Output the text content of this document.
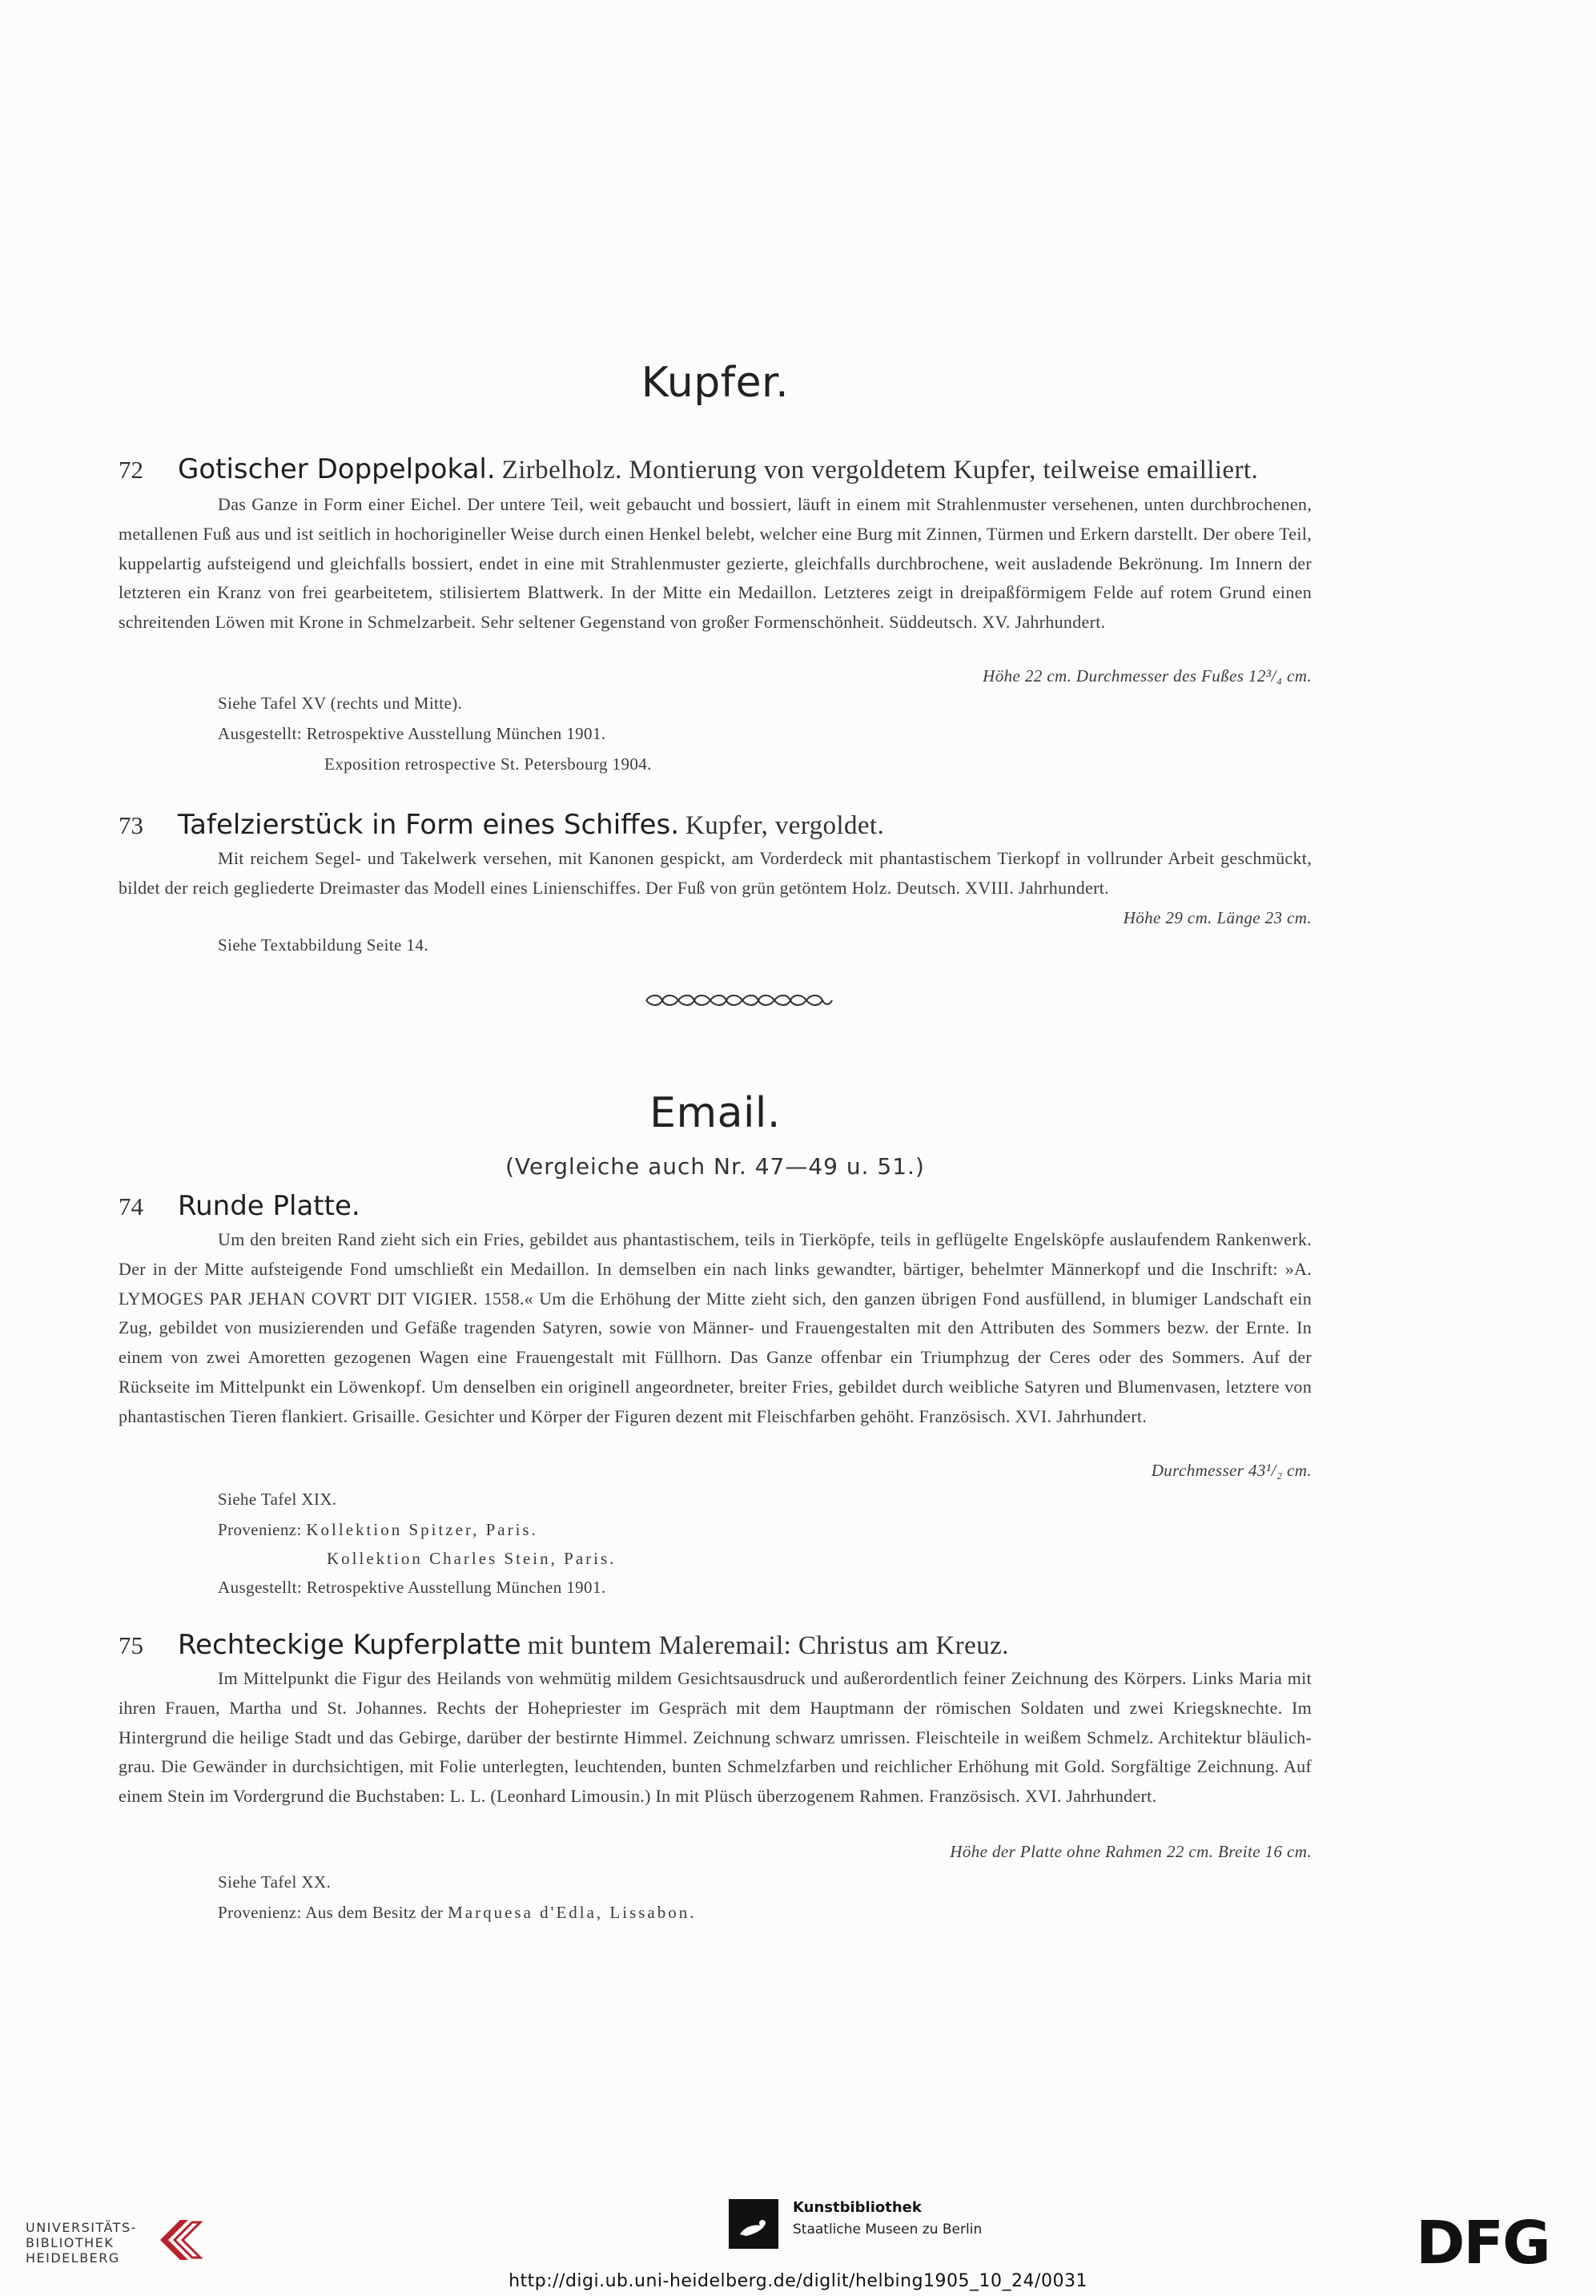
Kupfer.
72 Gotischer Doppelpokal. Zirbelholz. Montierung von vergoldetem Kupfer, teilweise emailliert.
Das Ganze in Form einer Eichel. Der untere Teil, weit gebaucht und bossiert, läuft in einem mit Strahlenmuster versehenen, unten durchbrochenen, metallenen Fuß aus und ist seitlich in hochorigineller Weise durch einen Henkel belebt, welcher eine Burg mit Zinnen, Türmen und Erkern darstellt. Der obere Teil, kuppelartig aufsteigend und gleichfalls bossiert, endet in eine mit Strahlenmuster gezierte, gleichfalls durchbrochene, weit ausladende Bekrönung. Im Innern der letzteren ein Kranz von frei gearbeitetem, stilisiertem Blattwerk. In der Mitte ein Medaillon. Letzteres zeigt in dreipaßförmigem Felde auf rotem Grund einen schreitenden Löwen mit Krone in Schmelzarbeit. Sehr seltener Gegenstand von großer Formenschönheit. Süddeutsch. XV. Jahrhundert.
Höhe 22 cm. Durchmesser des Fußes 12³/₄ cm.
Siehe Tafel XV (rechts und Mitte).
Ausgestellt: Retrospektive Ausstellung München 1901.
Exposition retrospective St. Petersbourg 1904.
73 Tafelzierstück in Form eines Schiffes. Kupfer, vergoldet.
Mit reichem Segel- und Takelwerk versehen, mit Kanonen gespickt, am Vorderdeck mit phantastischem Tierkopf in vollrunder Arbeit geschmückt, bildet der reich gegliederte Dreimaster das Modell eines Linienschiffes. Der Fuß von grün getöntem Holz. Deutsch. XVIII. Jahrhundert.
Höhe 29 cm. Länge 23 cm.
Siehe Textabbildung Seite 14.
Email.
(Vergleiche auch Nr. 47—49 u. 51.)
74 Runde Platte.
Um den breiten Rand zieht sich ein Fries, gebildet aus phantastischem, teils in Tierköpfe, teils in geflügelte Engelsköpfe auslaufendem Rankenwerk. Der in der Mitte aufsteigende Fond umschließt ein Medaillon. In demselben ein nach links gewandter, bärtiger, behelmter Männerkopf und die Inschrift: »A. LYMOGES PAR JEHAN COVRT DIT VIGIER. 1558.« Um die Erhöhung der Mitte zieht sich, den ganzen übrigen Fond ausfüllend, in blumiger Landschaft ein Zug, gebildet von musizierenden und Gefäße tragenden Satyren, sowie von Männer- und Frauengestalten mit den Attributen des Sommers bezw. der Ernte. In einem von zwei Amoretten gezogenen Wagen eine Frauengestalt mit Füllhorn. Das Ganze offenbar ein Triumphzug der Ceres oder des Sommers. Auf der Rückseite im Mittelpunkt ein Löwenkopf. Um denselben ein originell angeordneter, breiter Fries, gebildet durch weibliche Satyren und Blumenvasen, letztere von phantastischen Tieren flankiert. Grisaille. Gesichter und Körper der Figuren dezent mit Fleischfarben gehöht. Französisch. XVI. Jahrhundert.
Durchmesser 43¹/₂ cm.
Siehe Tafel XIX.
Provenienz: Kollektion Spitzer, Paris.
Kollektion Charles Stein, Paris.
Ausgestellt: Retrospektive Ausstellung München 1901.
75 Rechteckige Kupferplatte mit buntem Maleremail: Christus am Kreuz.
Im Mittelpunkt die Figur des Heilands von wehmütig mildem Gesichtsausdruck und außerordentlich feiner Zeichnung des Körpers. Links Maria mit ihren Frauen, Martha und St. Johannes. Rechts der Hohepriester im Gespräch mit dem Hauptmann der römischen Soldaten und zwei Kriegsknechte. Im Hintergrund die heilige Stadt und das Gebirge, darüber der bestirnte Himmel. Zeichnung schwarz umrissen. Fleischteile in weißem Schmelz. Architektur bläulich-grau. Die Gewänder in durchsichtigen, mit Folie unterlegten, leuchtenden, bunten Schmelzfarben und reichlicher Erhöhung mit Gold. Sorgfältige Zeichnung. Auf einem Stein im Vordergrund die Buchstaben: L. L. (Leonhard Limousin.) In mit Plüsch überzogenem Rahmen. Französisch. XVI. Jahrhundert.
Höhe der Platte ohne Rahmen 22 cm. Breite 16 cm.
Siehe Tafel XX.
Provenienz: Aus dem Besitz der Marquesa d'Edla, Lissabon.
UNIVERSITÄTS-
BIBLIOTHEK
HEIDELBERG
Kunstbibliothek
Staatliche Museen zu Berlin	DFG
http://digi.ub.uni-heidelberg.de/diglit/helbing1905_10_24/0031
